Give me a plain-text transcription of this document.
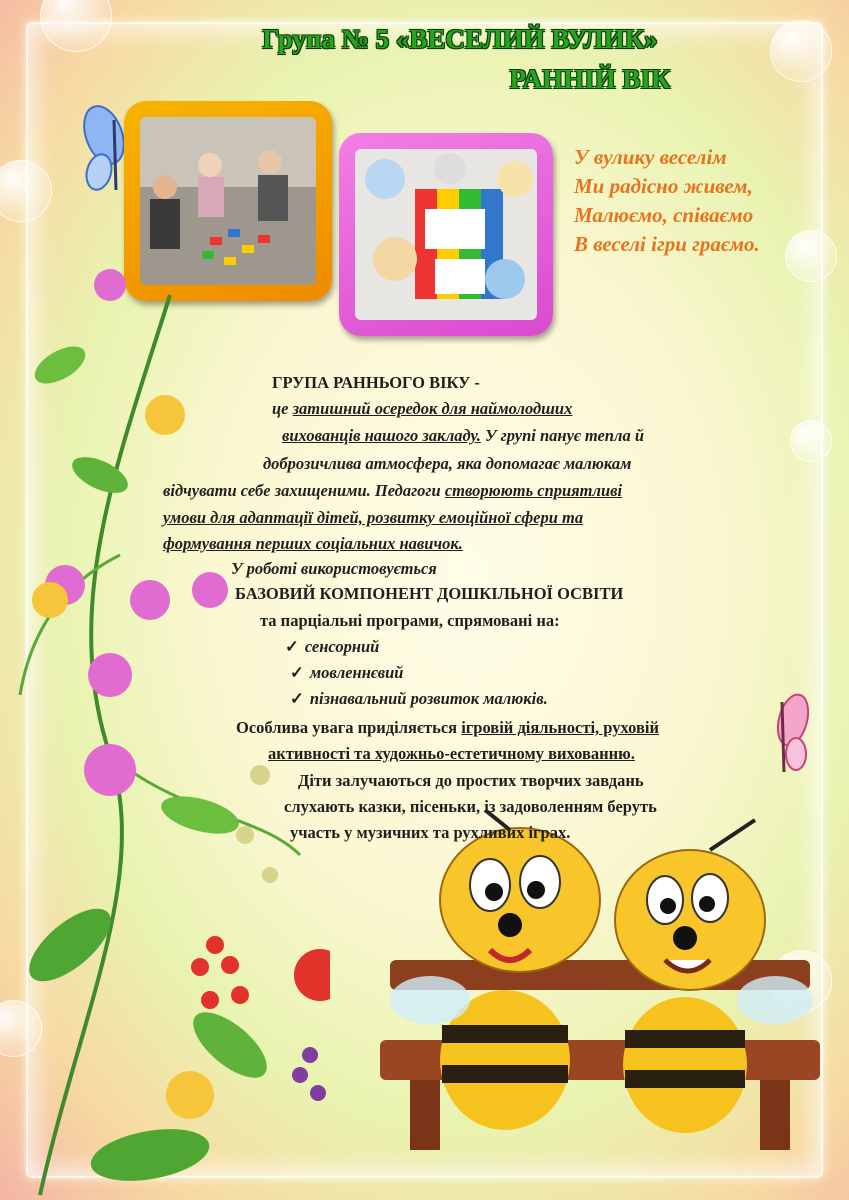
Група № 5 «ВЕСЕЛИЙ ВУЛИК»
РАННІЙ ВІК
У вулику веселім
Ми радісно живем,
Малюємо, співаємо
В веселі ігри граємо.
ГРУПА РАННЬОГО ВІКУ -
це затишний осередок для наймолодших
вихованців нашого закладу. У групі панує тепла й
доброзичлива атмосфера, яка допомагає малюкам
відчувати себе захищеними. Педагоги створюють сприятливі
умови для адаптації дітей, розвитку емоційної сфери та
формування перших соціальних навичок.
У роботі використовується
БАЗОВИЙ КОМПОНЕНТ ДОШКІЛЬНОЇ ОСВІТИ
та парціальні програми, спрямовані на:
✓ сенсорний
✓ мовленнєвий
✓ пізнавальний розвиток малюків.
Особлива увага приділяється ігровій діяльності, руховій
активності та художньо-естетичному вихованню.
Діти залучаються до простих творчих завдань
слухають казки, пісеньки, із задоволенням беруть
участь у музичних та рухливих іграх.
